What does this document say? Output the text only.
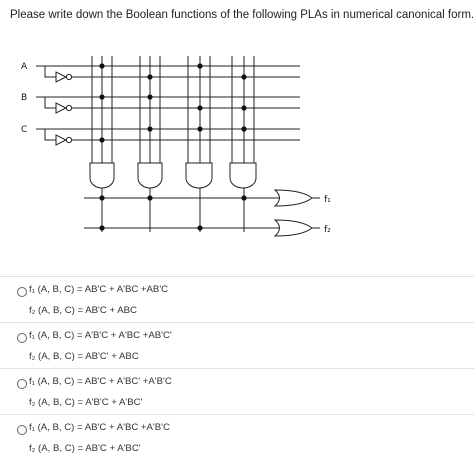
Please write down the Boolean functions of the following PLAs in numerical canonical form.
A
B
C
f₁
f₂
f₁ (A, B, C) = AB'C + A'BC +AB'C
f₂ (A, B, C) = AB'C + ABC
f₁ (A, B, C) = A'B'C + A'BC +AB'C'
f₂ (A, B, C) = AB'C' + ABC
f₁ (A, B, C) = AB'C + A'BC' +A'B'C
f₂ (A, B, C) = A'B'C + A'BC'
f₁ (A, B, C) = AB'C + A'BC +A'B'C
f₂ (A, B, C) = AB'C + A'BC'
